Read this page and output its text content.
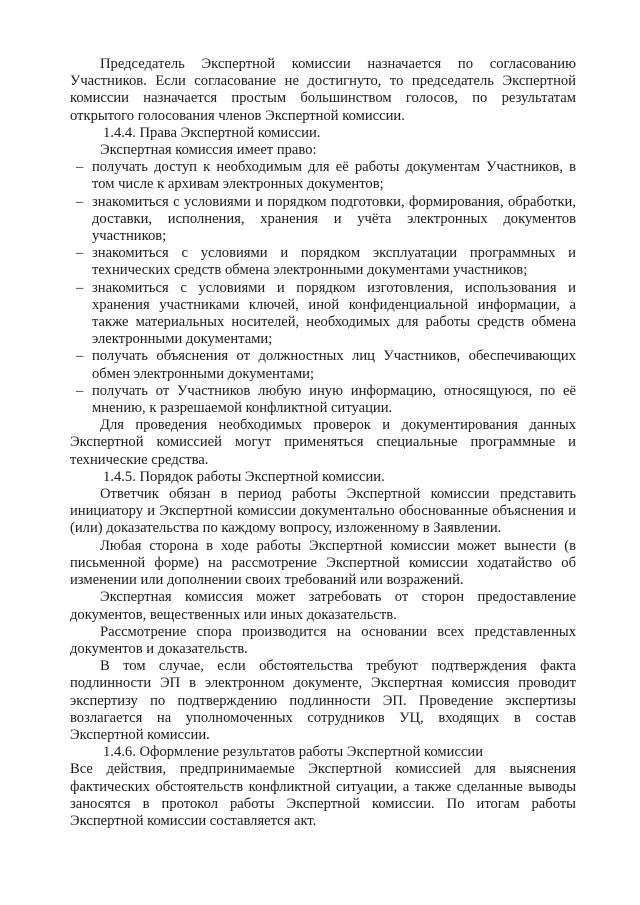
Председатель Экспертной комиссии назначается по согласованию Участников. Если согласование не достигнуто, то председатель Экспертной комиссии назначается простым большинством голосов, по результатам открытого голосования членов Экспертной комиссии.

1.4.4. Права Экспертной комиссии.

Экспертная комиссия имеет право:

– получать доступ к необходимым для её работы документам Участников, в том числе к архивам электронных документов;
– знакомиться с условиями и порядком подготовки, формирования, обработки, доставки, исполнения, хранения и учёта электронных документов участников;
– знакомиться с условиями и порядком эксплуатации программных и технических средств обмена электронными документами участников;
– знакомиться с условиями и порядком изготовления, использования и хранения участниками ключей, иной конфиденциальной информации, а также материальных носителей, необходимых для работы средств обмена электронными документами;
– получать объяснения от должностных лиц Участников, обеспечивающих обмен электронными документами;
– получать от Участников любую иную информацию, относящуюся, по её мнению, к разрешаемой конфликтной ситуации.

Для проведения необходимых проверок и документирования данных Экспертной комиссией могут применяться специальные программные и технические средства.

1.4.5. Порядок работы Экспертной комиссии.

Ответчик обязан в период работы Экспертной комиссии представить инициатору и Экспертной комиссии документально обоснованные объяснения и (или) доказательства по каждому вопросу, изложенному в Заявлении.

Любая сторона в ходе работы Экспертной комиссии может вынести (в письменной форме) на рассмотрение Экспертной комиссии ходатайство об изменении или дополнении своих требований или возражений.

Экспертная комиссия может затребовать от сторон предоставление документов, вещественных или иных доказательств.

Рассмотрение спора производится на основании всех представленных документов и доказательств.

В том случае, если обстоятельства требуют подтверждения факта подлинности ЭП в электронном документе, Экспертная комиссия проводит экспертизу по подтверждению подлинности ЭП. Проведение экспертизы возлагается на уполномоченных сотрудников УЦ, входящих в состав Экспертной комиссии.

1.4.6. Оформление результатов работы Экспертной комиссии

Все действия, предпринимаемые Экспертной комиссией для выяснения фактических обстоятельств конфликтной ситуации, а также сделанные выводы заносятся в протокол работы Экспертной комиссии. По итогам работы Экспертной комиссии составляется акт.
